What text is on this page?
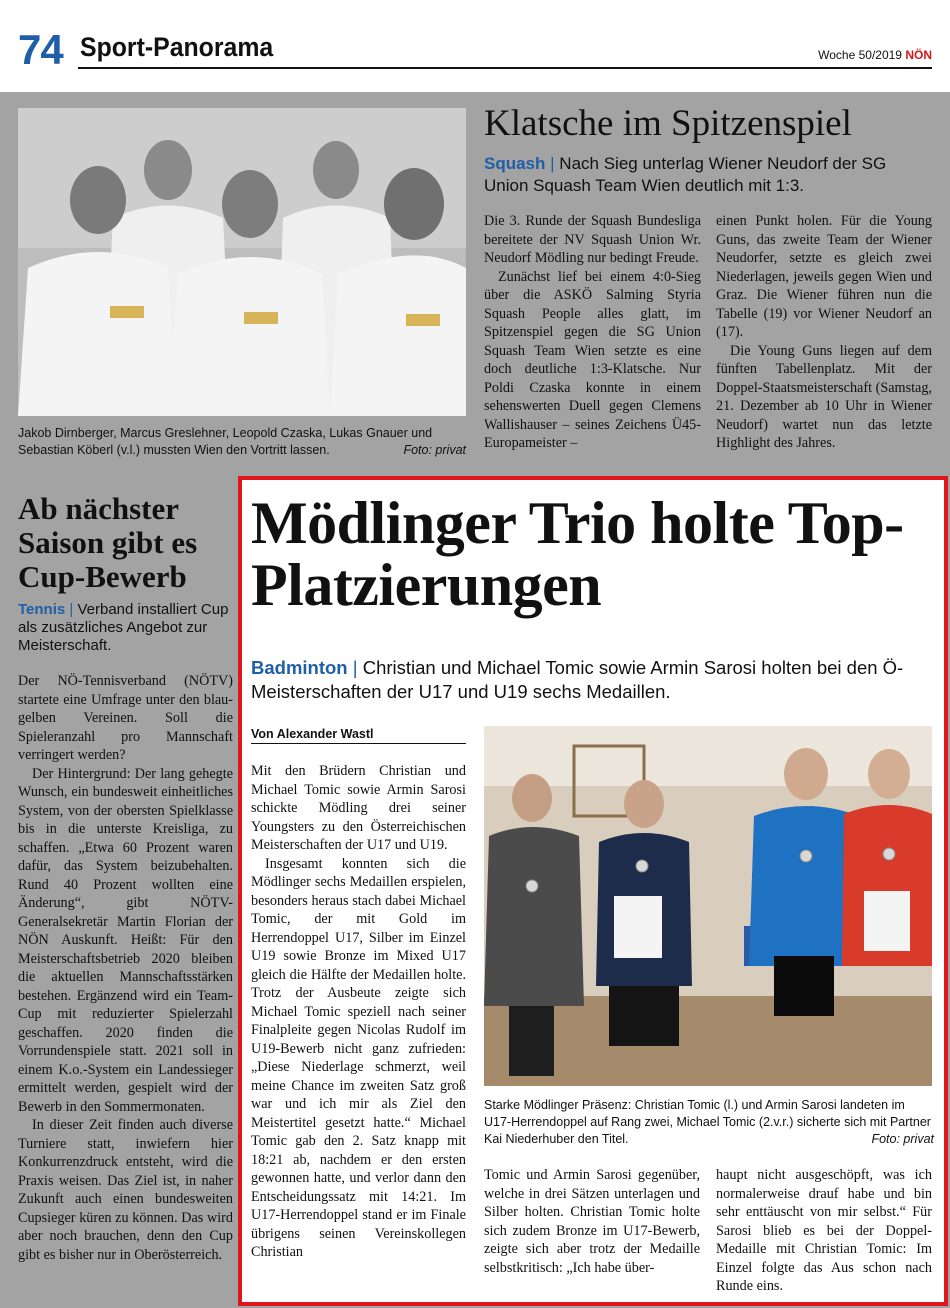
74 Sport-Panorama	Woche 50/2019 NÖN
Jakob Dirnberger, Marcus Greslehner, Leopold Czaska, Lukas Gnauer und Sebastian Köberl (v.l.) mussten Wien den Vortritt lassen.	Foto: privat
Klatsche im Spitzenspiel
Squash | Nach Sieg unterlag Wiener Neudorf der SG Union Squash Team Wien deutlich mit 1:3.

Die 3. Runde der Squash Bundesliga bereitete der NV Squash Union Wr. Neudorf Mödling nur bedingt Freude.

Zunächst lief bei einem 4:0-Sieg über die ASKÖ Salming Styria Squash People alles glatt, im Spitzenspiel gegen die SG Union Squash Team Wien setzte es eine doch deutliche 1:3-Klatsche. Nur Poldi Czaska konnte in einem sehenswerten Duell gegen Clemens Wallishauser – seines Zeichens Ü45-Europameister –

einen Punkt holen. Für die Young Guns, das zweite Team der Wiener Neudorfer, setzte es gleich zwei Niederlagen, jeweils gegen Wien und Graz. Die Wiener führen nun die Tabelle (19) vor Wiener Neudorf an (17).

Die Young Guns liegen auf dem fünften Tabellenplatz. Mit der Doppel-Staatsmeisterschaft (Samstag, 21. Dezember ab 10 Uhr in Wiener Neudorf) wartet nun das letzte Highlight des Jahres.

Ab nächster Saison gibt es Cup-Bewerb
Tennis | Verband installiert Cup als zusätzliches Angebot zur Meisterschaft.

Der NÖ-Tennisverband (NÖTV) startete eine Umfrage unter den blau-gelben Vereinen. Soll die Spieleranzahl pro Mannschaft verringert werden?

Der Hintergrund: Der lang gehegte Wunsch, ein bundesweit einheitliches System, von der obersten Spielklasse bis in die unterste Kreisliga, zu schaffen. „Etwa 60 Prozent waren dafür, das System beizubehalten. Rund 40 Prozent wollten eine Änderung“, gibt NÖTV-Generalsekretär Martin Florian der NÖN Auskunft. Heißt: Für den Meisterschaftsbetrieb 2020 bleiben die aktuellen Mannschaftsstärken bestehen. Ergänzend wird ein Team-Cup mit reduzierter Spielerzahl geschaffen. 2020 finden die Vorrundenspiele statt. 2021 soll in einem K.o.-System ein Landessieger ermittelt werden, gespielt wird der Bewerb in den Sommermonaten.

In dieser Zeit finden auch diverse Turniere statt, inwiefern hier Konkurrenzdruck entsteht, wird die Praxis weisen. Das Ziel ist, in naher Zukunft auch einen bundesweiten Cupsieger küren zu können. Das wird aber noch brauchen, denn den Cup gibt es bisher nur in Oberösterreich.

Mödlinger Trio holte Top-Platzierungen
Badminton | Christian und Michael Tomic sowie Armin Sarosi holten bei den Ö-Meisterschaften der U17 und U19 sechs Medaillen.
Von Alexander Wastl

Mit den Brüdern Christian und Michael Tomic sowie Armin Sarosi schickte Mödling drei seiner Youngsters zu den Österreichischen Meisterschaften der U17 und U19.

Insgesamt konnten sich die Mödlinger sechs Medaillen erspielen, besonders heraus stach dabei Michael Tomic, der mit Gold im Herrendoppel U17, Silber im Einzel U19 sowie Bronze im Mixed U17 gleich die Hälfte der Medaillen holte. Trotz der Ausbeute zeigte sich Michael Tomic speziell nach seiner Finalpleite gegen Nicolas Rudolf im U19-Bewerb nicht ganz zufrieden: „Diese Niederlage schmerzt, weil meine Chance im zweiten Satz groß war und ich mir als Ziel den Meistertitel gesetzt hatte.“ Michael Tomic gab den 2. Satz knapp mit 18:21 ab, nachdem er den ersten gewonnen hatte, und verlor dann den Entscheidungssatz mit 14:21. Im U17-Herrendoppel stand er im Finale übrigens seinen Vereinskollegen Christian

Starke Mödlinger Präsenz: Christian Tomic (l.) und Armin Sarosi landeten im U17-Herrendoppel auf Rang zwei, Michael Tomic (2.v.r.) sicherte sich mit Partner Kai Niederhuber den Titel.	Foto: privat

Tomic und Armin Sarosi gegenüber, welche in drei Sätzen unterlagen und Silber holten. Christian Tomic holte sich zudem Bronze im U17-Bewerb, zeigte sich aber trotz der Medaille selbstkritisch: „Ich habe über-

haupt nicht ausgeschöpft, was ich normalerweise drauf habe und bin sehr enttäuscht von mir selbst.“ Für Sarosi blieb es bei der Doppel-Medaille mit Christian Tomic: Im Einzel folgte das Aus schon nach Runde eins.
